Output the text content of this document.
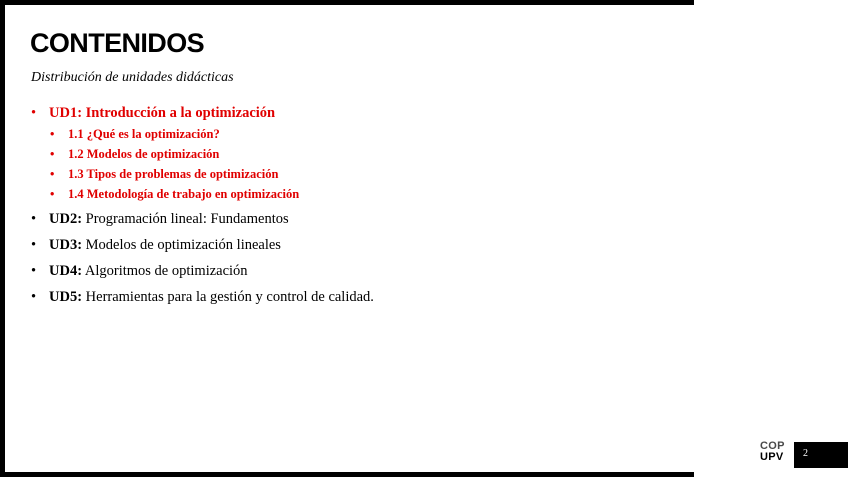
CONTENIDOS
Distribución de unidades didácticas
• UD1: Introducción a la optimización
• 1.1 ¿Qué es la optimización?
• 1.2 Modelos de optimización
• 1.3 Tipos de problemas de optimización
• 1.4 Metodología de trabajo en optimización
• UD2: Programación lineal: Fundamentos
• UD3: Modelos de optimización lineales
• UD4: Algoritmos de optimización
• UD5: Herramientas para la gestión y control de calidad.
COP
UPV 2
